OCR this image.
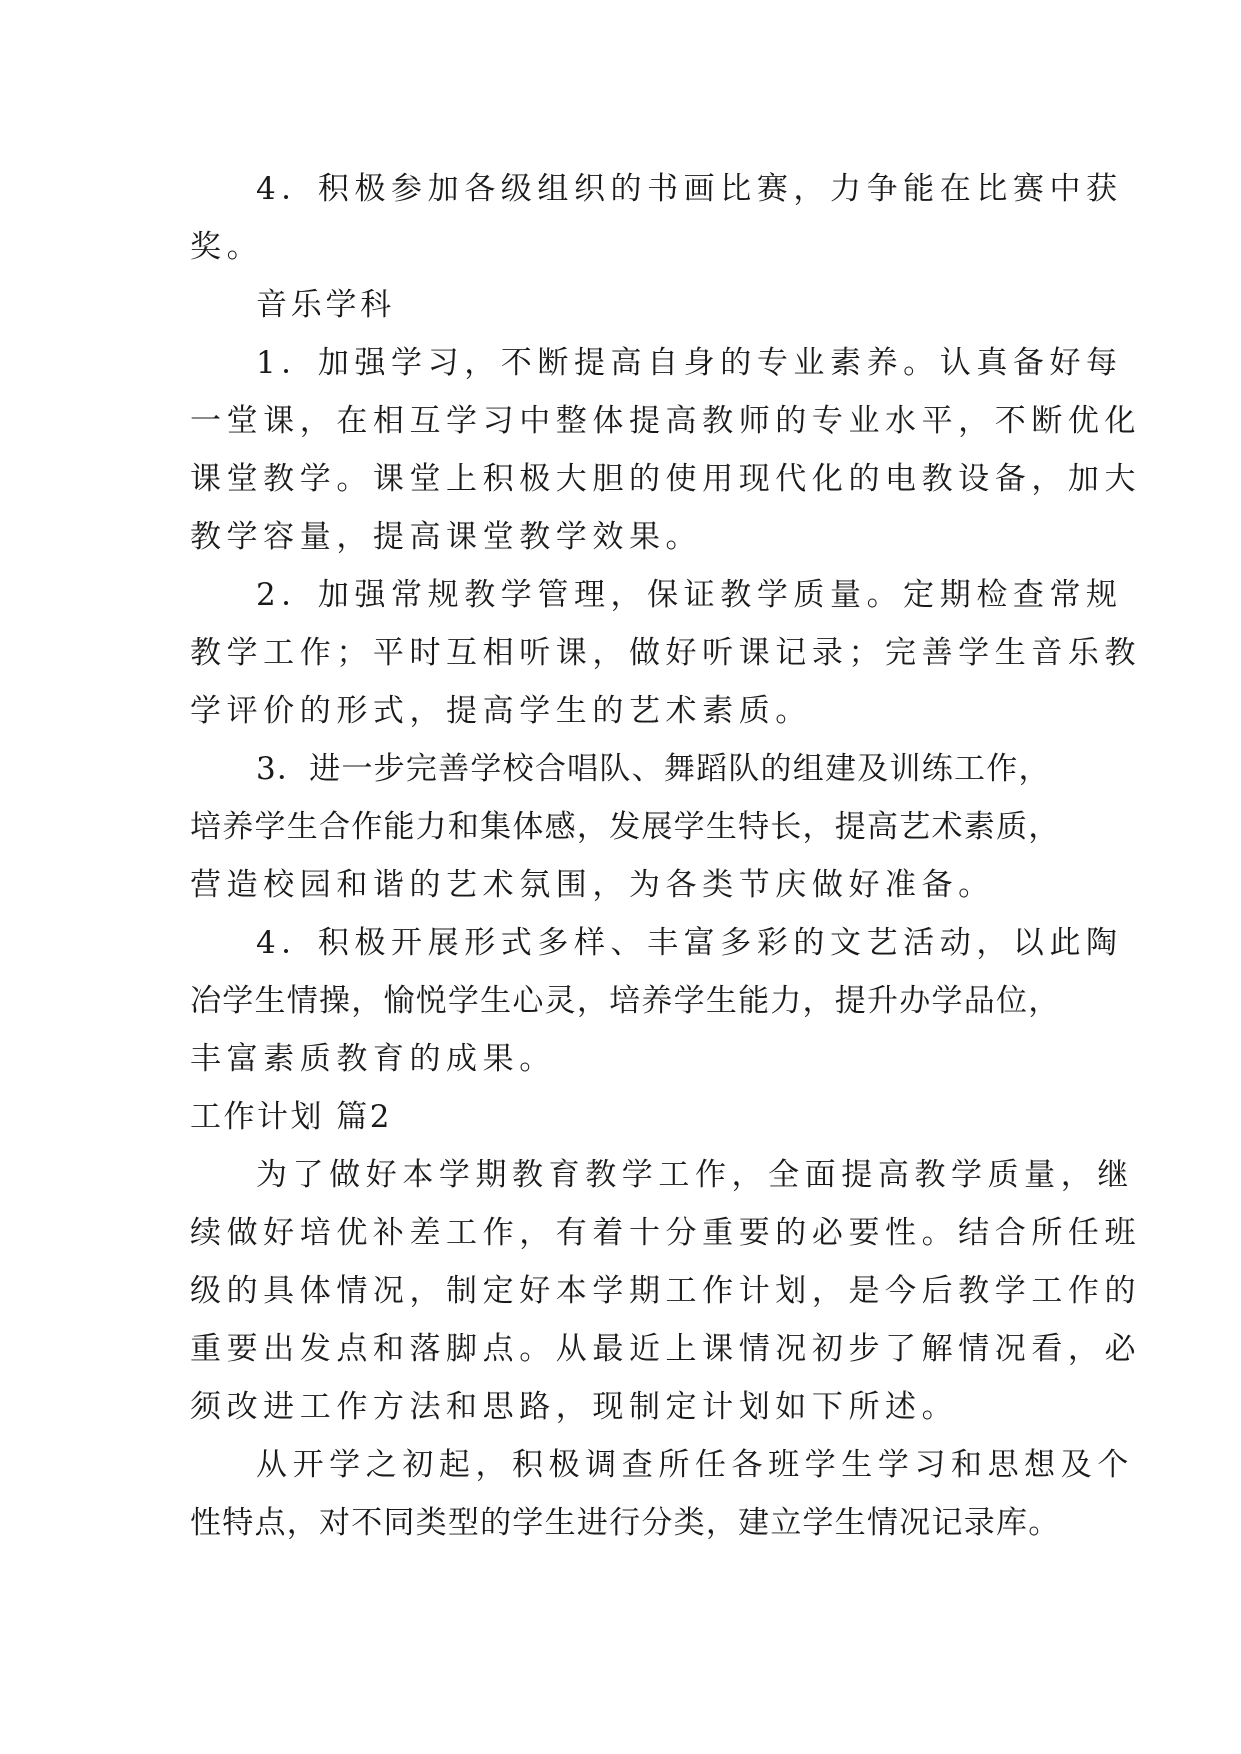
4．积极参加各级组织的书画比赛，力争能在比赛中获

奖。

音乐学科

1．加强学习，不断提高自身的专业素养。认真备好每

一堂课，在相互学习中整体提高教师的专业水平，不断优化

课堂教学。课堂上积极大胆的使用现代化的电教设备，加大

教学容量，提高课堂教学效果。

2．加强常规教学管理，保证教学质量。定期检查常规

教学工作；平时互相听课，做好听课记录；完善学生音乐教

学评价的形式，提高学生的艺术素质。

3．进一步完善学校合唱队、舞蹈队的组建及训练工作，

培养学生合作能力和集体感，发展学生特长，提高艺术素质，

营造校园和谐的艺术氛围，为各类节庆做好准备。

4．积极开展形式多样、丰富多彩的文艺活动，以此陶

冶学生情操，愉悦学生心灵，培养学生能力，提升办学品位，

丰富素质教育的成果。

工作计划 篇2

为了做好本学期教育教学工作，全面提高教学质量，继

续做好培优补差工作，有着十分重要的必要性。结合所任班

级的具体情况，制定好本学期工作计划，是今后教学工作的

重要出发点和落脚点。从最近上课情况初步了解情况看，必

须改进工作方法和思路，现制定计划如下所述。

从开学之初起，积极调查所任各班学生学习和思想及个

性特点，对不同类型的学生进行分类，建立学生情况记录库。
